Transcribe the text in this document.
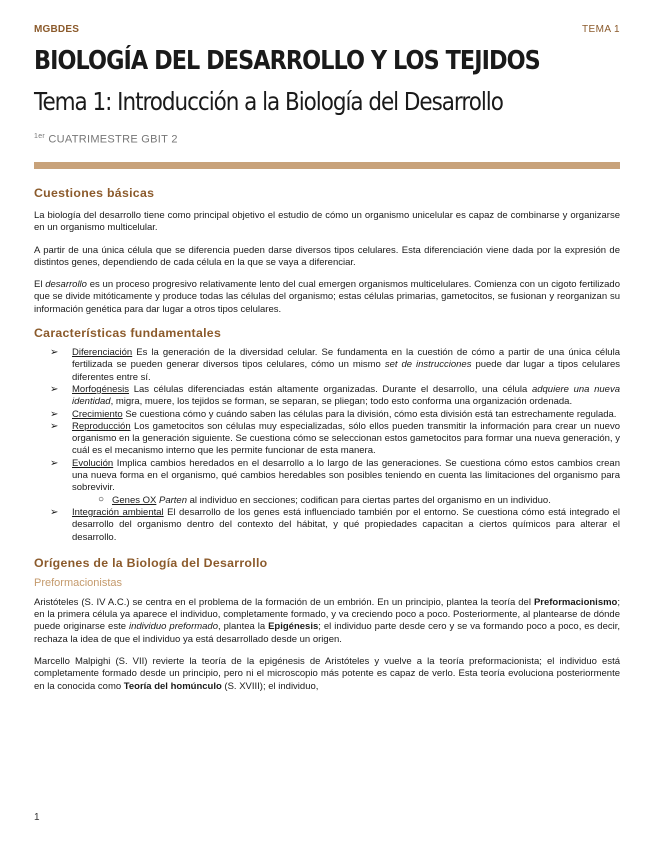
MGBDES	TEMA 1
BIOLOGÍA DEL DESARROLLO Y LOS TEJIDOS
Tema 1: Introducción a la Biología del Desarrollo
$^{1er}$ CUATRIMESTRE GBIT 2
Cuestiones básicas

La biología del desarrollo tiene como principal objetivo el estudio de cómo un organismo unicelular es capaz de combinarse y organizarse en un organismo multicelular.

A partir de una única célula que se diferencia pueden darse diversos tipos celulares. Esta diferenciación viene dada por la expresión de distintos genes, dependiendo de cada célula en la que se vaya a diferenciar.

El desarrollo es un proceso progresivo relativamente lento del cual emergen organismos multicelulares. Comienza con un cigoto fertilizado que se divide mitóticamente y produce todas las células del organismo; estas células primarias, gametocitos, se fusionan y reorganizan su información genética para dar lugar a otros tipos celulares.

Características fundamentales
➢ Diferenciación Es la generación de la diversidad celular. Se fundamenta en la cuestión de cómo a partir de una única célula fertilizada se pueden generar diversos tipos celulares, cómo un mismo set de instrucciones puede dar lugar a tipos celulares diferentes entre sí.
➢ Morfogénesis Las células diferenciadas están altamente organizadas. Durante el desarrollo, una célula adquiere una nueva identidad, migra, muere, los tejidos se forman, se separan, se pliegan; todo esto conforma una organización ordenada.
➢ Crecimiento Se cuestiona cómo y cuándo saben las células para la división, cómo esta división está tan estrechamente regulada.
➢ Reproducción Los gametocitos son células muy especializadas, sólo ellos pueden transmitir la información para crear un nuevo organismo en la generación siguiente. Se cuestiona cómo se seleccionan estos gametocitos para formar una nueva generación, y cuál es el mecanismo interno que les permite funcionar de esta manera.
➢ Evolución Implica cambios heredados en el desarrollo a lo largo de las generaciones. Se cuestiona cómo estos cambios crean una nueva forma en el organismo, qué cambios heredables son posibles teniendo en cuenta las limitaciones del organismo para sobrevivir.
○ Genes OX Parten al individuo en secciones; codifican para ciertas partes del organismo en un individuo.
➢ Integración ambiental El desarrollo de los genes está influenciado también por el entorno. Se cuestiona cómo está integrado el desarrollo del organismo dentro del contexto del hábitat, y qué propiedades capacitan a ciertos químicos para alterar el desarrollo.
Orígenes de la Biología del Desarrollo
Preformacionistas

Aristóteles (S. IV A.C.) se centra en el problema de la formación de un embrión. En un principio, plantea la teoría del Preformacionismo; en la primera célula ya aparece el individuo, completamente formado, y va creciendo poco a poco. Posteriormente, al plantearse de dónde puede originarse este individuo preformado, plantea la Epigénesis; el individuo parte desde cero y se va formando poco a poco, es decir, rechaza la idea de que el individuo ya está desarrollado desde un origen.

Marcello Malpighi (S. VII) revierte la teoría de la epigénesis de Aristóteles y vuelve a la teoría preformacionista; el individuo está completamente formado desde un principio, pero ni el microscopio más potente es capaz de verlo. Esta teoría evoluciona posteriormente en la conocida como Teoría del homúnculo (S. XVIII); el individuo,

1
